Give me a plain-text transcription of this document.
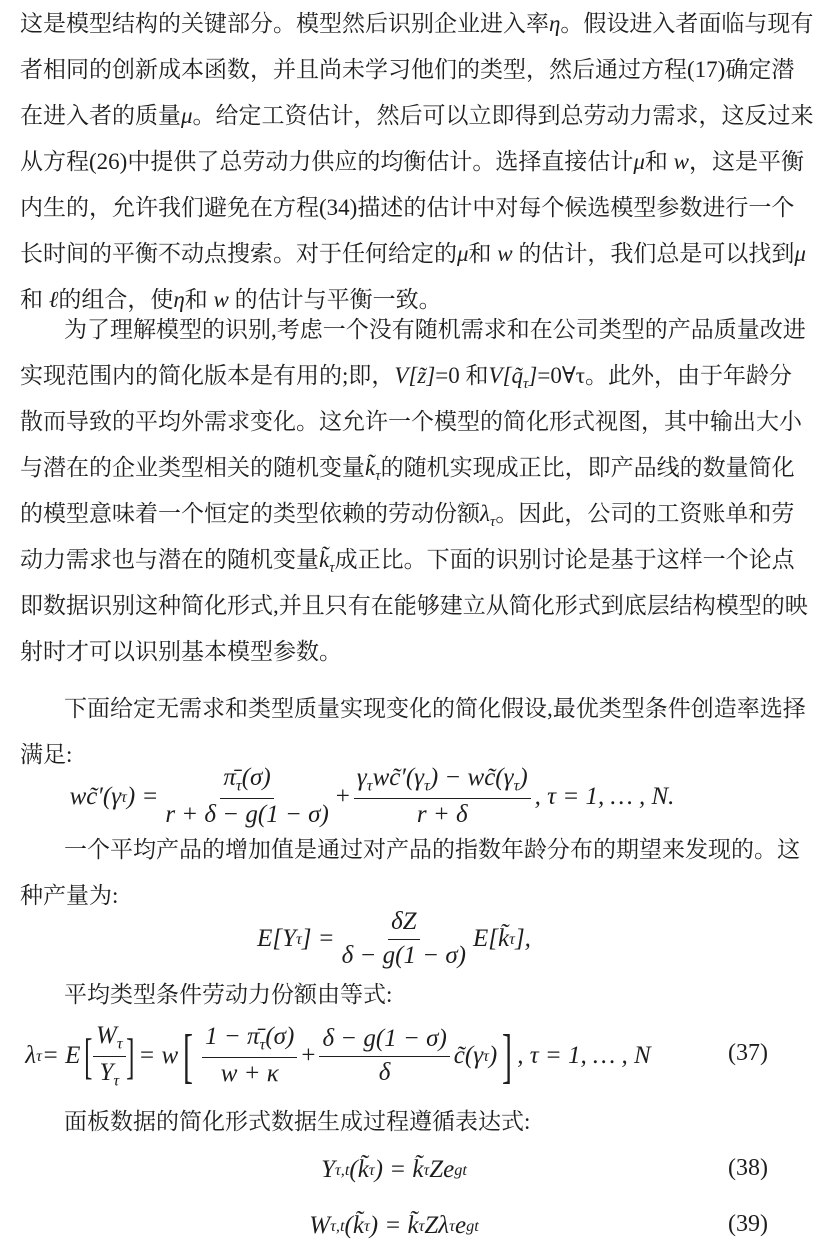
这是模型结构的关键部分。模型然后识别企业进入率η。假设进入者面临与现有
者相同的创新成本函数，并且尚未学习他们的类型，然后通过方程(17)确定潜
在进入者的质量μ。给定工资估计，然后可以立即得到总劳动力需求，这反过来
从方程(26)中提供了总劳动力供应的均衡估计。选择直接估计μ和 w，这是平衡
内生的，允许我们避免在方程(34)描述的估计中对每个候选模型参数进行一个
长时间的平衡不动点搜索。对于任何给定的μ和 w 的估计，我们总是可以找到μ
和 ℓ的组合，使η和 w 的估计与平衡一致。
为了理解模型的识别,考虑一个没有随机需求和在公司类型的产品质量改进
实现范围内的简化版本是有用的;即，V[z̃]=0 和$V[q̃_\tau]=0\forall\tau$。此外，由于年龄分
散而导致的平均外需求变化。这允许一个模型的简化形式视图，其中输出大小
与潜在的企业类型相关的随机变量$k̃_\tau$的随机实现成正比，即产品线的数量简化
的模型意味着一个恒定的类型依赖的劳动份额$\lambda_\tau$。因此，公司的工资账单和劳
动力需求也与潜在的随机变量$k̃_\tau$成正比。下面的识别讨论是基于这样一个论点
即数据识别这种简化形式,并且只有在能够建立从简化形式到底层结构模型的映
射时才可以识别基本模型参数。
下面给定无需求和类型质量实现变化的简化假设,最优类型条件创造率选择
满足:
wc̃′(γ τ ) = $\frac{\pī_\tau(\sigma)}{r + \delta - g(1 - \sigma)} + \frac{\gamma_\tau wc̃'(\gamma_\tau) - wc̃(\gamma_\tau)}{r + \delta}$ , τ = 1, … , N.
一个平均产品的增加值是通过对产品的指数年龄分布的期望来发现的。这
种产量为:
E[Y τ ] = $\frac{\delta Z}{\delta - g(1 - \sigma)}$ E[k̃ τ ],
平均类型条件劳动力份额由等式:
λ τ = E [ $\frac{W_\tau}{Y_\tau}$ ] = w [ $\frac{1 - \pī_\tau(\sigma)}{w + \kappa} + \frac{\delta - g(1 - \sigma)}{\delta}$ c̃(γ τ ) ] , τ = 1, … , N	(37)
面板数据的简化形式数据生成过程遵循表达式:
Y τ,t (k̃ τ ) = k̃ τ Ze gt	(38)
W τ,t (k̃ τ ) = k̃ τ Zλ τ e gt	(39)
